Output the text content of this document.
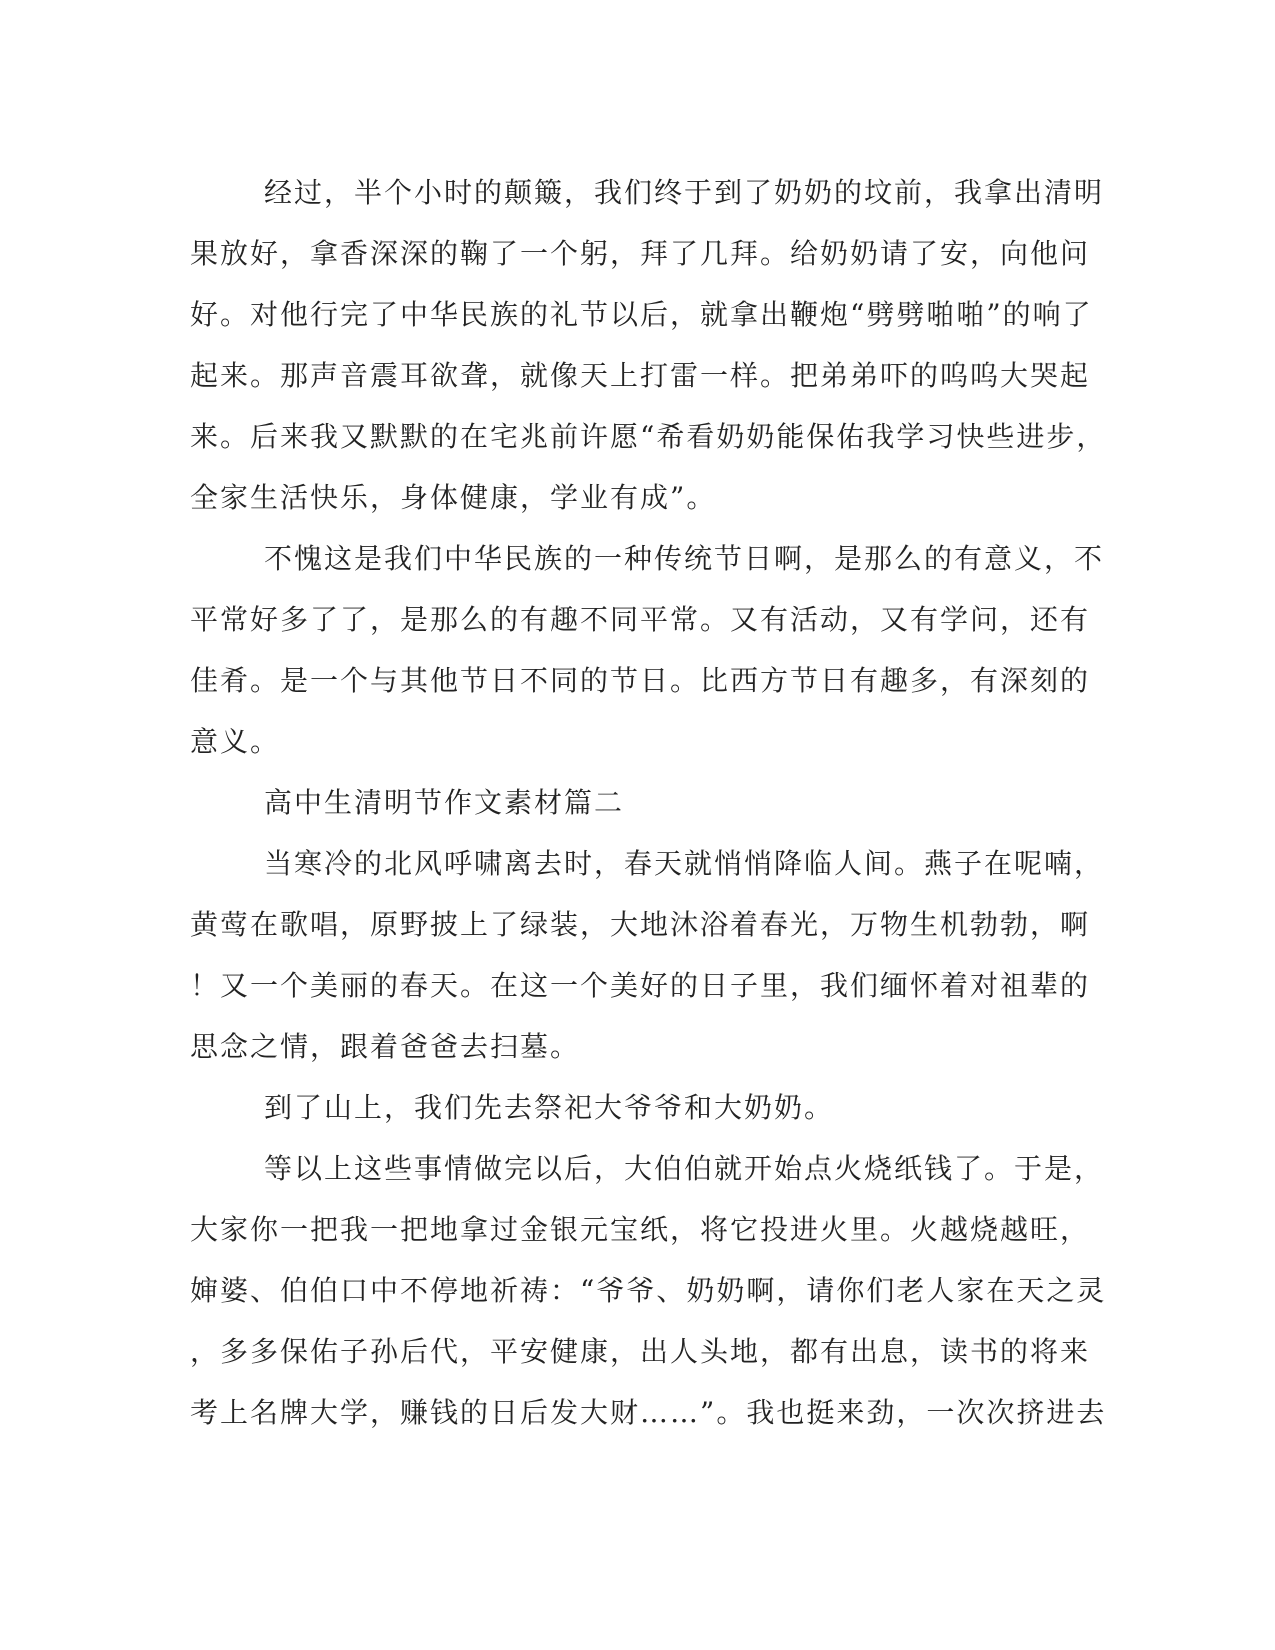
经过，半个小时的颠簸，我们终于到了奶奶的坟前，我拿出清明
果放好，拿香深深的鞠了一个躬，拜了几拜。给奶奶请了安，向他问
好。对他行完了中华民族的礼节以后，就拿出鞭炮“劈劈啪啪”的响了
起来。那声音震耳欲聋，就像天上打雷一样。把弟弟吓的呜呜大哭起
来。后来我又默默的在宅兆前许愿“希看奶奶能保佑我学习快些进步，
全家生活快乐，身体健康，学业有成”。
不愧这是我们中华民族的一种传统节日啊，是那么的有意义，不
平常好多了了，是那么的有趣不同平常。又有活动，又有学问，还有
佳肴。是一个与其他节日不同的节日。比西方节日有趣多，有深刻的
意义。
高中生清明节作文素材篇二
当寒冷的北风呼啸离去时，春天就悄悄降临人间。燕子在呢喃，
黄莺在歌唱，原野披上了绿装，大地沐浴着春光，万物生机勃勃，啊
！又一个美丽的春天。在这一个美好的日子里，我们缅怀着对祖辈的
思念之情，跟着爸爸去扫墓。
到了山上，我们先去祭祀大爷爷和大奶奶。
等以上这些事情做完以后，大伯伯就开始点火烧纸钱了。于是，
大家你一把我一把地拿过金银元宝纸，将它投进火里。火越烧越旺，
婶婆、伯伯口中不停地祈祷：“爷爷、奶奶啊，请你们老人家在天之灵
，多多保佑子孙后代，平安健康，出人头地，都有出息，读书的将来
考上名牌大学，赚钱的日后发大财……”。我也挺来劲，一次次挤进去
